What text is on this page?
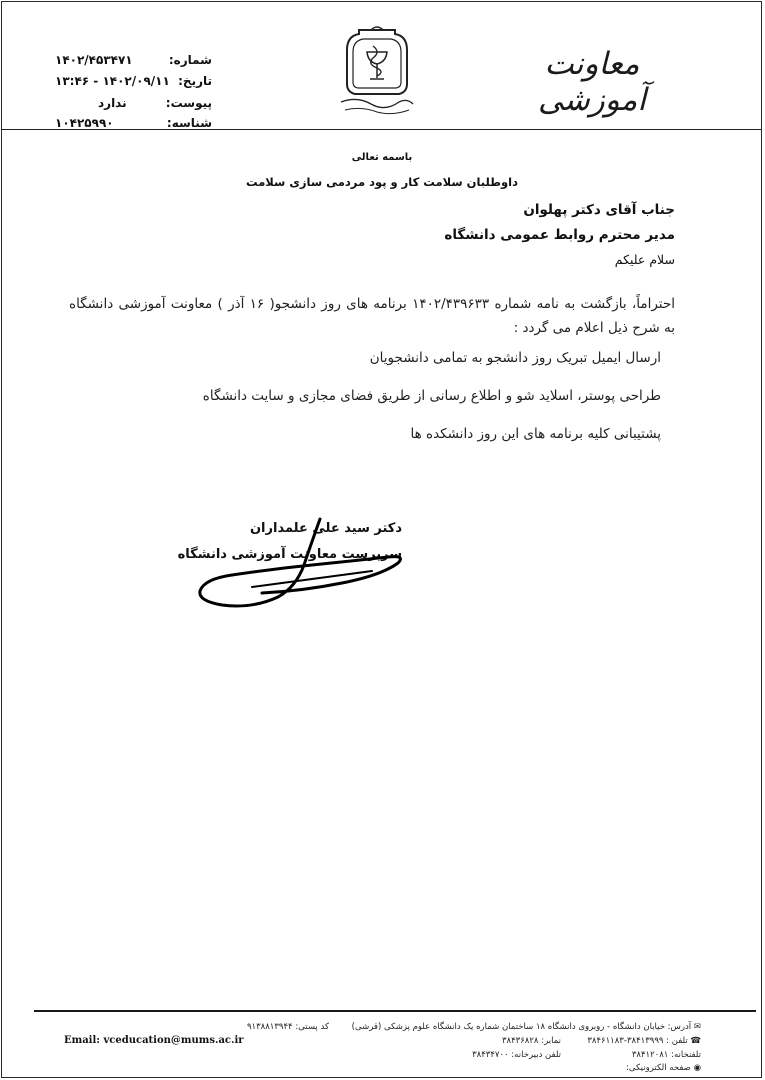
معاونت آموزشی
شماره:
۱۴۰۲/۴۵۳۴۷۱
تاریخ:
۱۴۰۲/۰۹/۱۱ - ۱۳:۴۶
پیوست:
ندارد
شناسه:
۱۰۴۲۵۹۹۰
باسمه تعالی
داوطلبان سلامت کار و پود مردمی سازی سلامت
جناب آقای دکتر پهلوان
مدیر محترم روابط عمومی دانشگاه
سلام علیکم
احتراماً، بازگشت به نامه شماره ۱۴۰۲/۴۳۹۶۳۳ برنامه های روز دانشجو( ۱۶ آذر ) معاونت آموزشی دانشگاه به شرح ذیل اعلام می گردد :
ارسال ایمیل تبریک روز دانشجو به تمامی دانشجویان
طراحی پوستر، اسلاید شو و اطلاع رسانی از طریق فضای مجازی و سایت دانشگاه
پشتیبانی کلیه برنامه های این روز دانشکده ها
دکتر سید علی علمداران
سرپرست معاونت آموزشی دانشگاه
✉ آدرس: خیابان دانشگاه - روبروی دانشگاه ۱۸ ساختمان شماره یک دانشگاه علوم پزشکی (قرشی)
کد پستی: ۹۱۳۸۸۱۳۹۴۴
☎ تلفن : ۳۸۴۱۳۹۹۹-۳۸۴۶۱۱۸۳
نمابر: ۳۸۴۳۶۸۲۸
تلفنخانه: ۳۸۴۱۲۰۸۱
تلفن دبیرخانه: ۳۸۴۳۴۷۰۰
◉ صفحه الکترونیکی:
Email: vceducation@mums.ac.ir
